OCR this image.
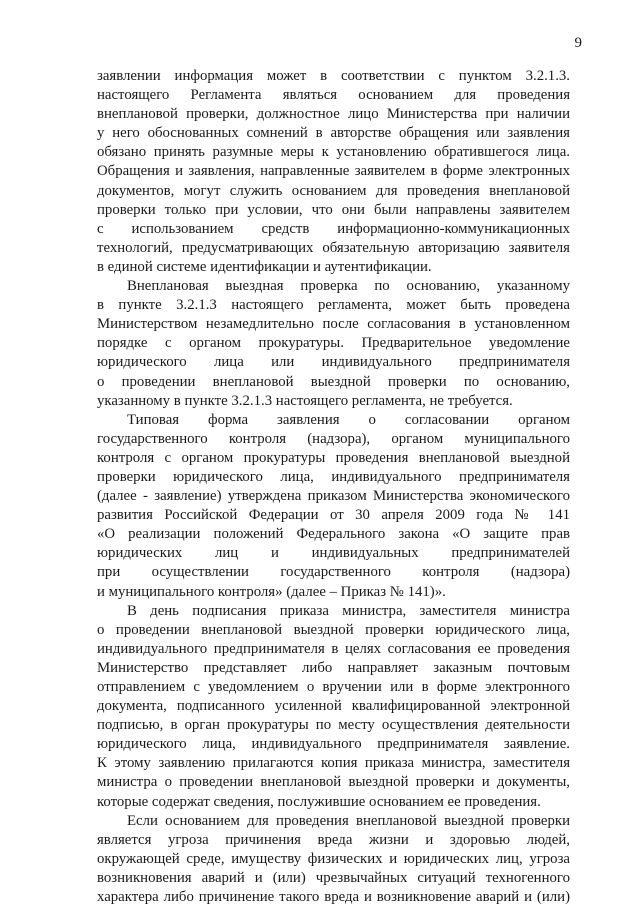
9
заявлении информация может в соответствии с пунктом 3.2.1.3.
настоящего Регламента являться основанием для проведения
внеплановой проверки, должностное лицо Министерства при наличии
у него обоснованных сомнений в авторстве обращения или заявления
обязано принять разумные меры к установлению обратившегося лица.
Обращения и заявления, направленные заявителем в форме электронных
документов, могут служить основанием для проведения внеплановой
проверки только при условии, что они были направлены заявителем
с использованием средств информационно-коммуникационных
технологий, предусматривающих обязательную авторизацию заявителя
в единой системе идентификации и аутентификации.
Внеплановая выездная проверка по основанию, указанному
в пункте 3.2.1.3 настоящего регламента, может быть проведена
Министерством незамедлительно после согласования в установленном
порядке с органом прокуратуры. Предварительное уведомление
юридического лица или индивидуального предпринимателя
о проведении внеплановой выездной проверки по основанию,
указанному в пункте 3.2.1.3 настоящего регламента, не требуется.
Типовая форма заявления о согласовании органом
государственного контроля (надзора), органом муниципального
контроля с органом прокуратуры проведения внеплановой выездной
проверки юридического лица, индивидуального предпринимателя
(далее - заявление) утверждена приказом Министерства экономического
развития Российской Федерации от 30 апреля 2009 года № 141
«О реализации положений Федерального закона «О защите прав
юридических лиц и индивидуальных предпринимателей
при осуществлении государственного контроля (надзора)
и муниципального контроля» (далее – Приказ № 141)».
В день подписания приказа министра, заместителя министра
о проведении внеплановой выездной проверки юридического лица,
индивидуального предпринимателя в целях согласования ее проведения
Министерство представляет либо направляет заказным почтовым
отправлением с уведомлением о вручении или в форме электронного
документа, подписанного усиленной квалифицированной электронной
подписью, в орган прокуратуры по месту осуществления деятельности
юридического лица, индивидуального предпринимателя заявление.
К этому заявлению прилагаются копия приказа министра, заместителя
министра о проведении внеплановой выездной проверки и документы,
которые содержат сведения, послужившие основанием ее проведения.
Если основанием для проведения внеплановой выездной проверки
является угроза причинения вреда жизни и здоровью людей,
окружающей среде, имуществу физических и юридических лиц, угроза
возникновения аварий и (или) чрезвычайных ситуаций техногенного
характера либо причинение такого вреда и возникновение аварий и (или)
